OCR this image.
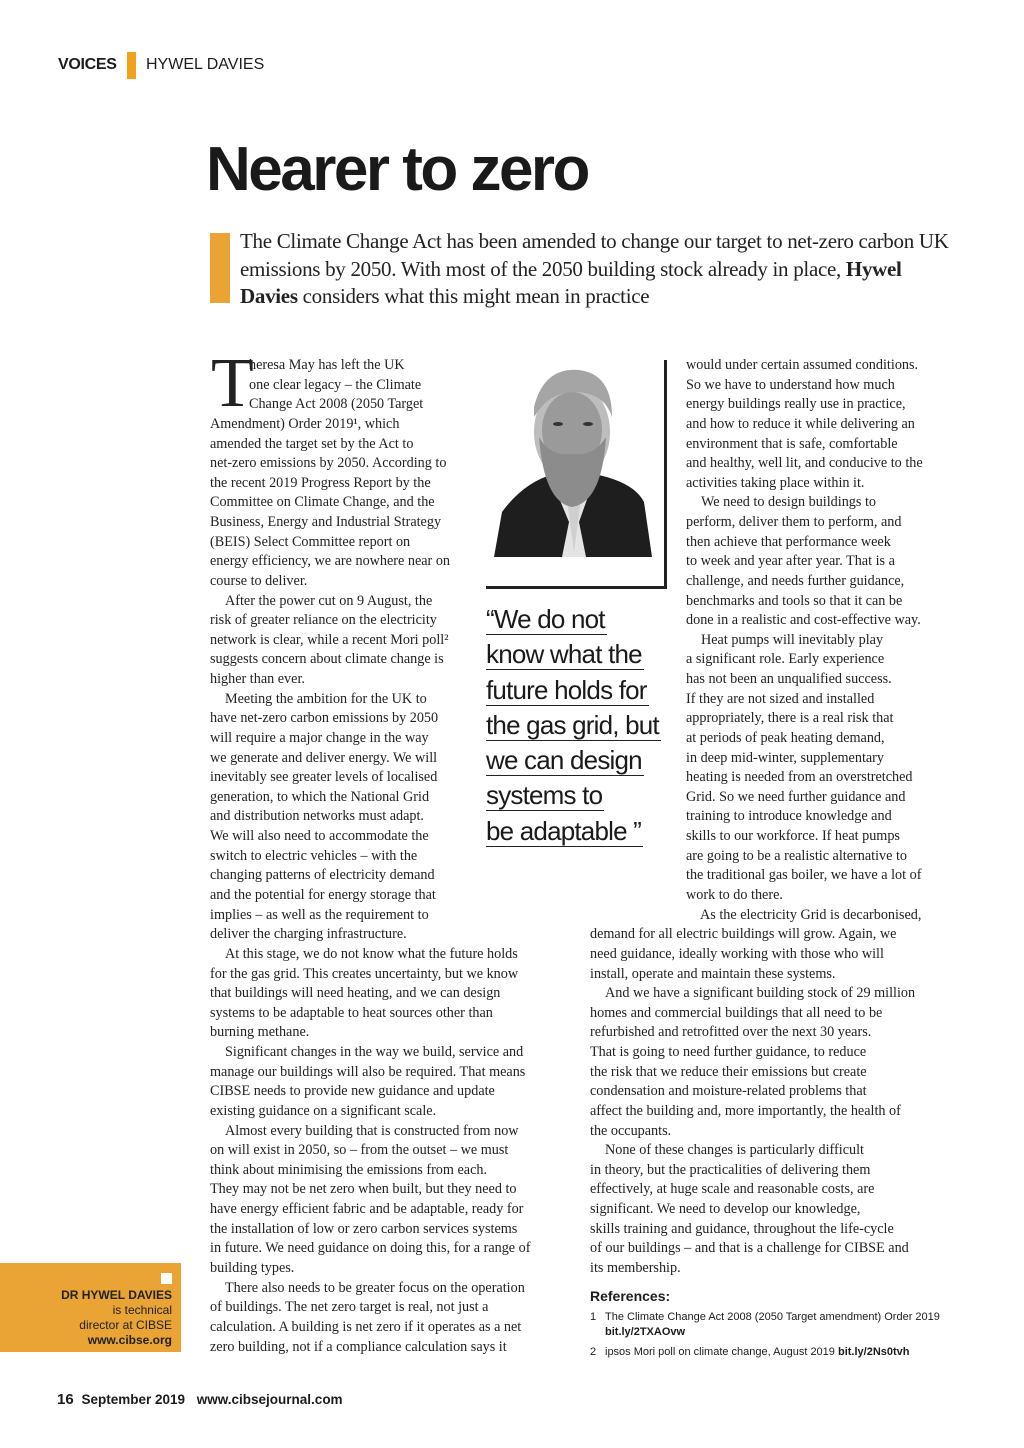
VOICES HYWEL DAVIES
Nearer to zero
The Climate Change Act has been amended to change our target to net-zero carbon UK emissions by 2050. With most of the 2050 building stock already in place, Hywel Davies considers what this might mean in practice
T
“We do not
know what the
future holds for
the gas grid, but
we can design
systems to
be adaptable ”
DR HYWEL DAVIES
is technical
director at CIBSE
www.cibse.org
References:
1 The Climate Change Act 2008 (2050 Target amendment) Order 2019
bit.ly/2TXAOvw
2 ipsos Mori poll on climate change, August 2019 bit.ly/2Ns0tvh
16 September 2019 www.cibsejournal.com
heresa May has left the UK
one clear legacy – the Climate
Change Act 2008 (2050 Target
Amendment) Order 2019¹, which
amended the target set by the Act to
net-zero emissions by 2050. According to
the recent 2019 Progress Report by the
Committee on Climate Change, and the
Business, Energy and Industrial Strategy
(BEIS) Select Committee report on
energy efficiency, we are nowhere near on
course to deliver.
After the power cut on 9 August, the
risk of greater reliance on the electricity
network is clear, while a recent Mori poll²
suggests concern about climate change is
higher than ever.
Meeting the ambition for the UK to
have net-zero carbon emissions by 2050
will require a major change in the way
we generate and deliver energy. We will
inevitably see greater levels of localised
generation, to which the National Grid
and distribution networks must adapt.
We will also need to accommodate the
switch to electric vehicles – with the
changing patterns of electricity demand
and the potential for energy storage that
implies – as well as the requirement to
deliver the charging infrastructure.
At this stage, we do not know what the future holds
for the gas grid. This creates uncertainty, but we know
that buildings will need heating, and we can design
systems to be adaptable to heat sources other than
burning methane.
Significant changes in the way we build, service and
manage our buildings will also be required. That means
CIBSE needs to provide new guidance and update
existing guidance on a significant scale.
Almost every building that is constructed from now
on will exist in 2050, so – from the outset – we must
think about minimising the emissions from each.
They may not be net zero when built, but they need to
have energy efficient fabric and be adaptable, ready for
the installation of low or zero carbon services systems
in future. We need guidance on doing this, for a range of
building types.
There also needs to be greater focus on the operation
of buildings. The net zero target is real, not just a
calculation. A building is net zero if it operates as a net
zero building, not if a compliance calculation says it
would under certain assumed conditions.
So we have to understand how much
energy buildings really use in practice,
and how to reduce it while delivering an
environment that is safe, comfortable
and healthy, well lit, and conducive to the
activities taking place within it.
We need to design buildings to
perform, deliver them to perform, and
then achieve that performance week
to week and year after year. That is a
challenge, and needs further guidance,
benchmarks and tools so that it can be
done in a realistic and cost-effective way.
Heat pumps will inevitably play
a significant role. Early experience
has not been an unqualified success.
If they are not sized and installed
appropriately, there is a real risk that
at periods of peak heating demand,
in deep mid-winter, supplementary
heating is needed from an overstretched
Grid. So we need further guidance and
training to introduce knowledge and
skills to our workforce. If heat pumps
are going to be a realistic alternative to
the traditional gas boiler, we have a lot of
work to do there.
As the electricity Grid is decarbonised,
demand for all electric buildings will grow. Again, we
need guidance, ideally working with those who will
install, operate and maintain these systems.
And we have a significant building stock of 29 million
homes and commercial buildings that all need to be
refurbished and retrofitted over the next 30 years.
That is going to need further guidance, to reduce
the risk that we reduce their emissions but create
condensation and moisture-related problems that
affect the building and, more importantly, the health of
the occupants.
None of these changes is particularly difficult
in theory, but the practicalities of delivering them
effectively, at huge scale and reasonable costs, are
significant. We need to develop our knowledge,
skills training and guidance, throughout the life-cycle
of our buildings – and that is a challenge for CIBSE and
its membership.
